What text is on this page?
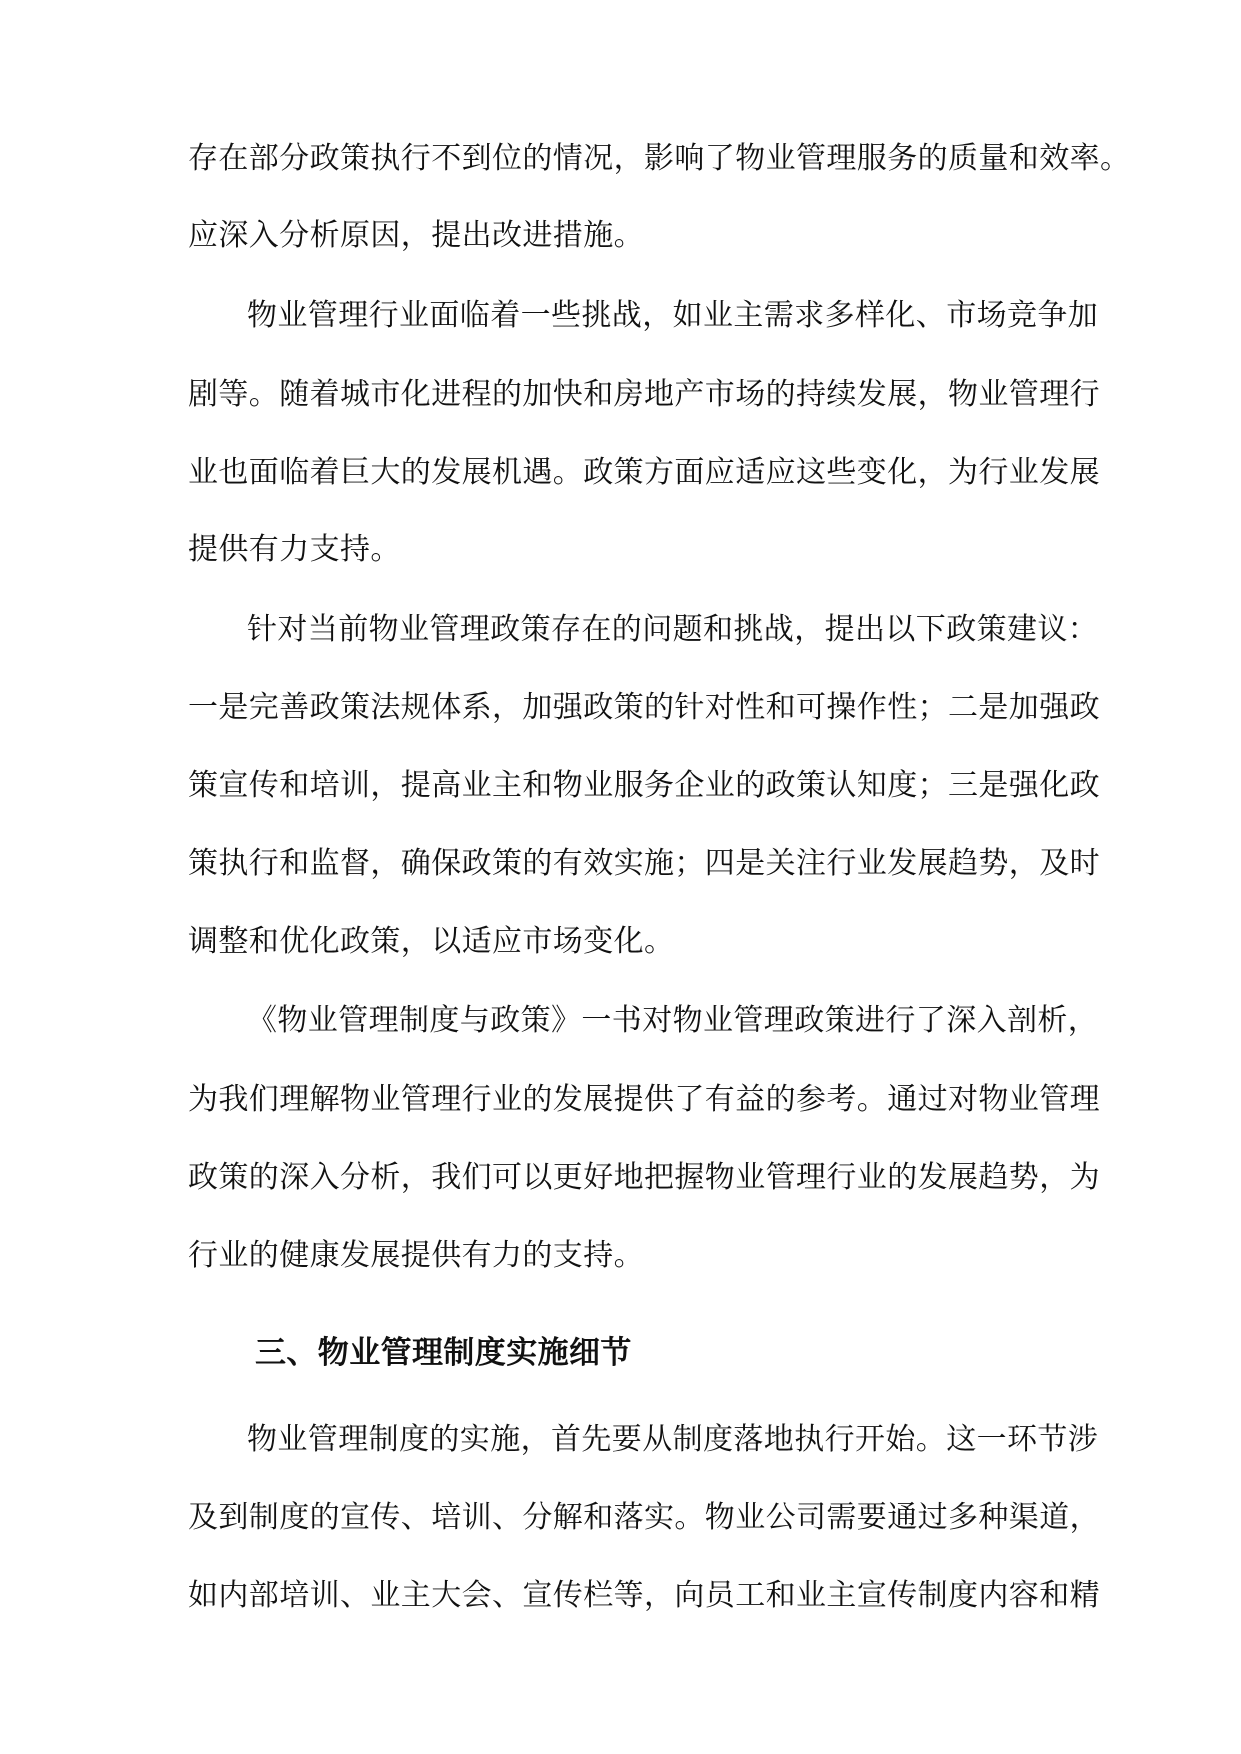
存在部分政策执行不到位的情况，影响了物业管理服务的质量和效率。
应深入分析原因，提出改进措施。
物业管理行业面临着一些挑战，如业主需求多样化、市场竞争加
剧等。随着城市化进程的加快和房地产市场的持续发展，物业管理行
业也面临着巨大的发展机遇。政策方面应适应这些变化，为行业发展
提供有力支持。
针对当前物业管理政策存在的问题和挑战，提出以下政策建议：
一是完善政策法规体系，加强政策的针对性和可操作性；二是加强政
策宣传和培训，提高业主和物业服务企业的政策认知度；三是强化政
策执行和监督，确保政策的有效实施；四是关注行业发展趋势，及时
调整和优化政策，以适应市场变化。
《物业管理制度与政策》一书对物业管理政策进行了深入剖析，
为我们理解物业管理行业的发展提供了有益的参考。通过对物业管理
政策的深入分析，我们可以更好地把握物业管理行业的发展趋势，为
行业的健康发展提供有力的支持。
三、物业管理制度实施细节
物业管理制度的实施，首先要从制度落地执行开始。这一环节涉
及到制度的宣传、培训、分解和落实。物业公司需要通过多种渠道，
如内部培训、业主大会、宣传栏等，向员工和业主宣传制度内容和精
